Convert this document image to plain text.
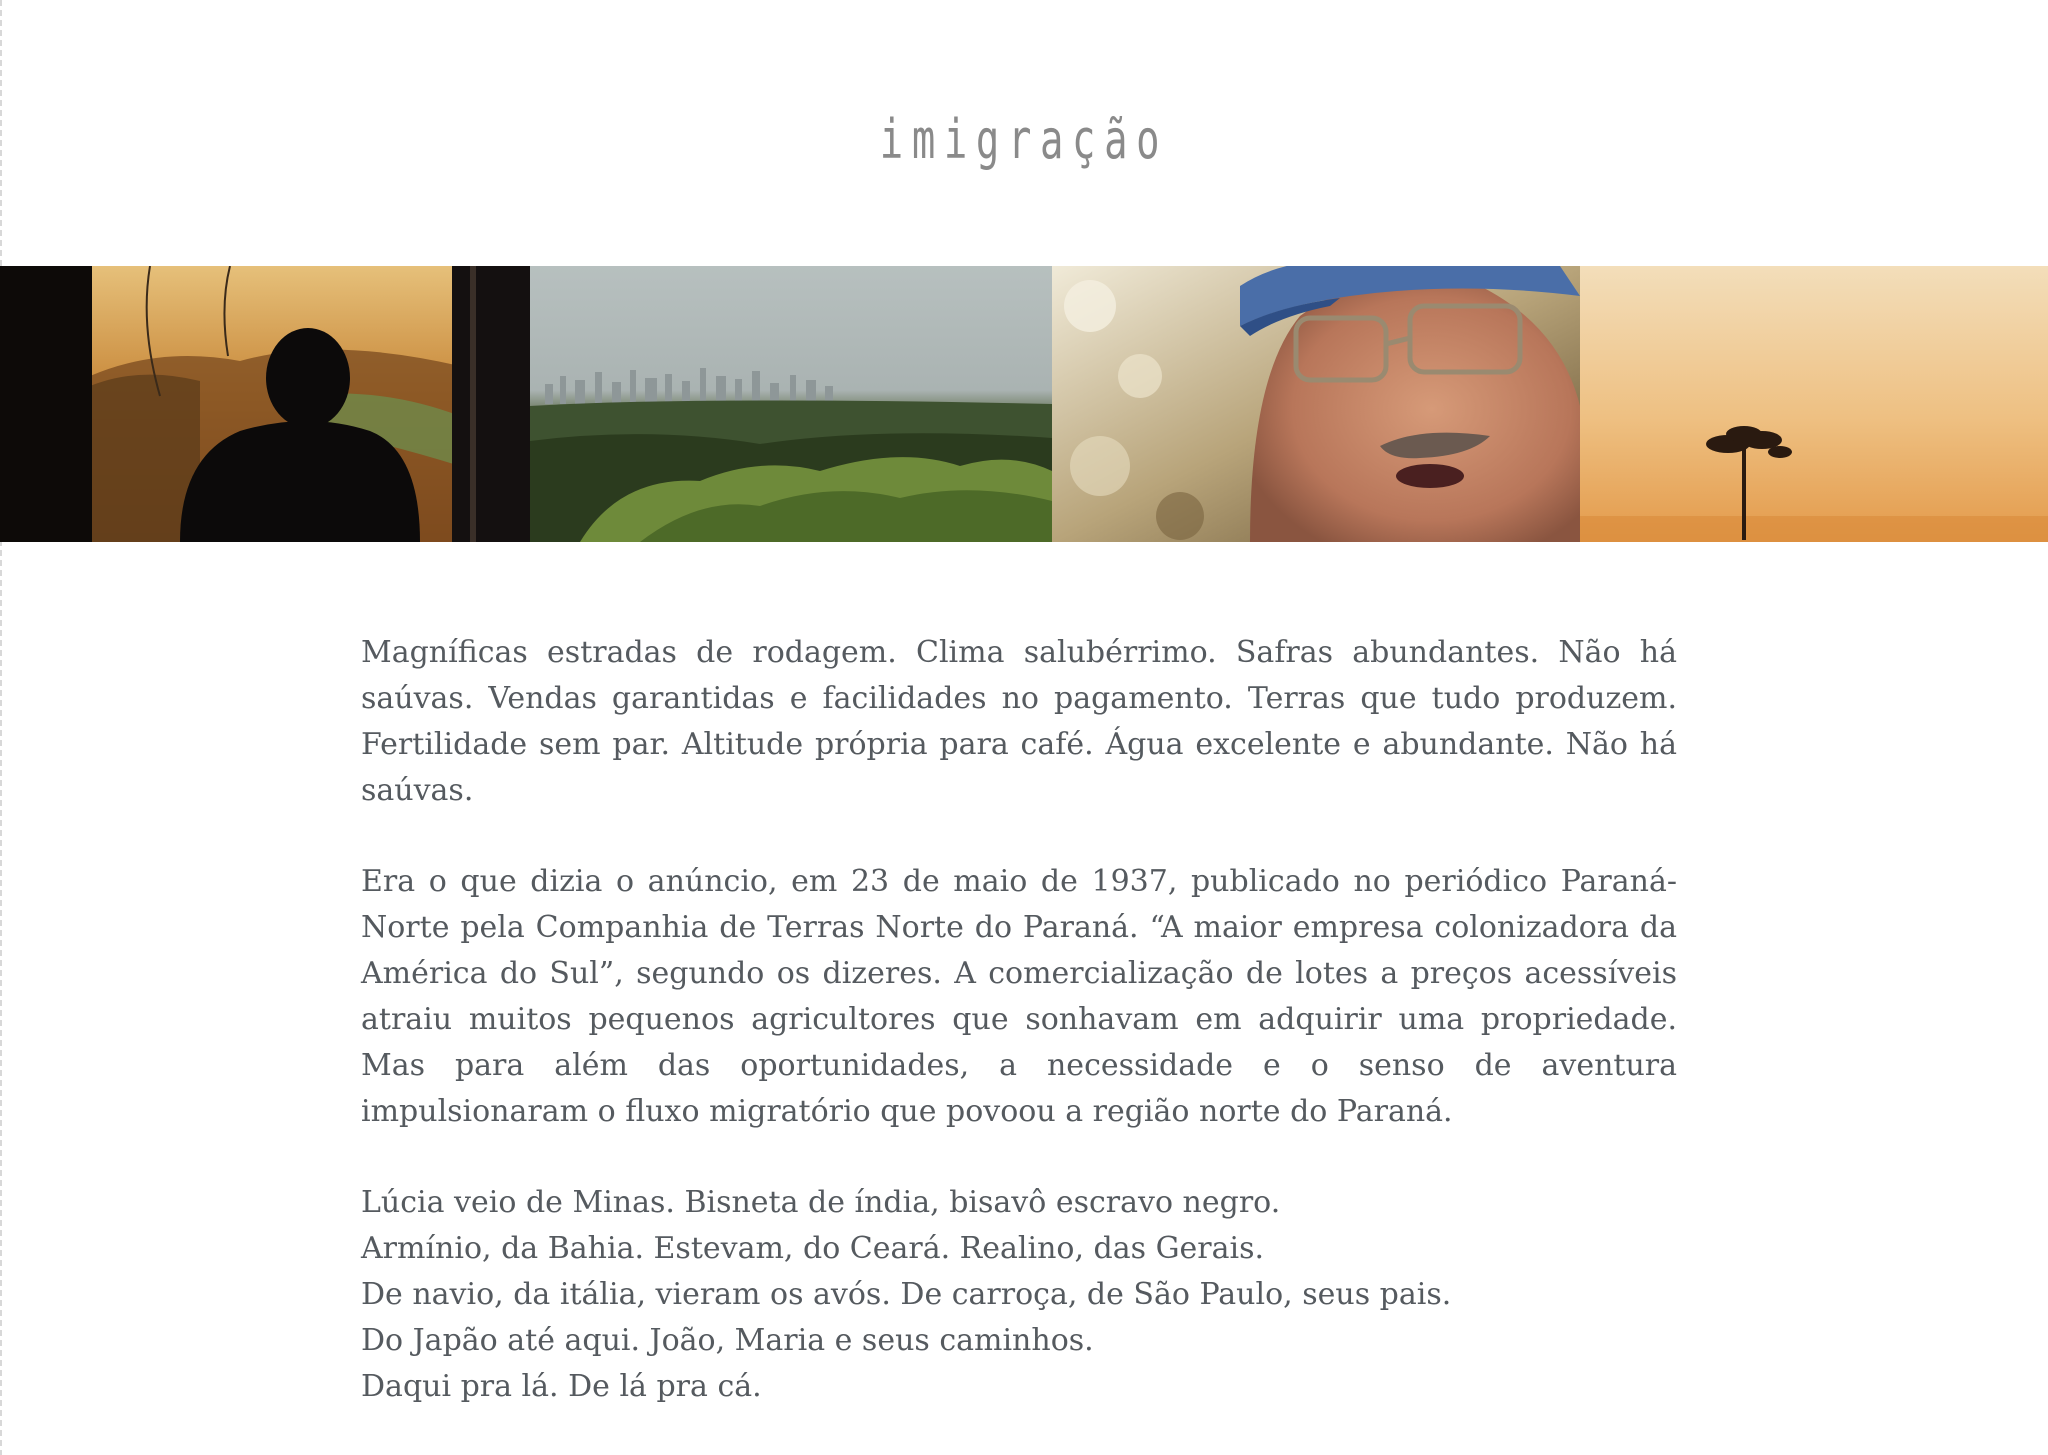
imigração

Magníficas estradas de rodagem. Clima salubérrimo. Safras abundantes. Não há saúvas. Vendas garantidas e facilidades no pagamento. Terras que tudo produzem. Fertilidade sem par. Altitude própria para café. Água excelente e abundante. Não há saúvas.

Era o que dizia o anúncio, em 23 de maio de 1937, publicado no periódico Paraná-Norte pela Companhia de Terras Norte do Paraná. “A maior empresa colonizadora da América do Sul”, segundo os dizeres. A comercialização de lotes a preços acessíveis atraiu muitos pequenos agricultores que sonhavam em adquirir uma propriedade. Mas para além das oportunidades, a necessidade e o senso de aventura impulsionaram o fluxo migratório que povoou a região norte do Paraná.

Lúcia veio de Minas. Bisneta de índia, bisavô escravo negro.
Armínio, da Bahia. Estevam, do Ceará. Realino, das Gerais.
De navio, da itália, vieram os avós. De carroça, de São Paulo, seus pais.
Do Japão até aqui. João, Maria e seus caminhos.
Daqui pra lá. De lá pra cá.
